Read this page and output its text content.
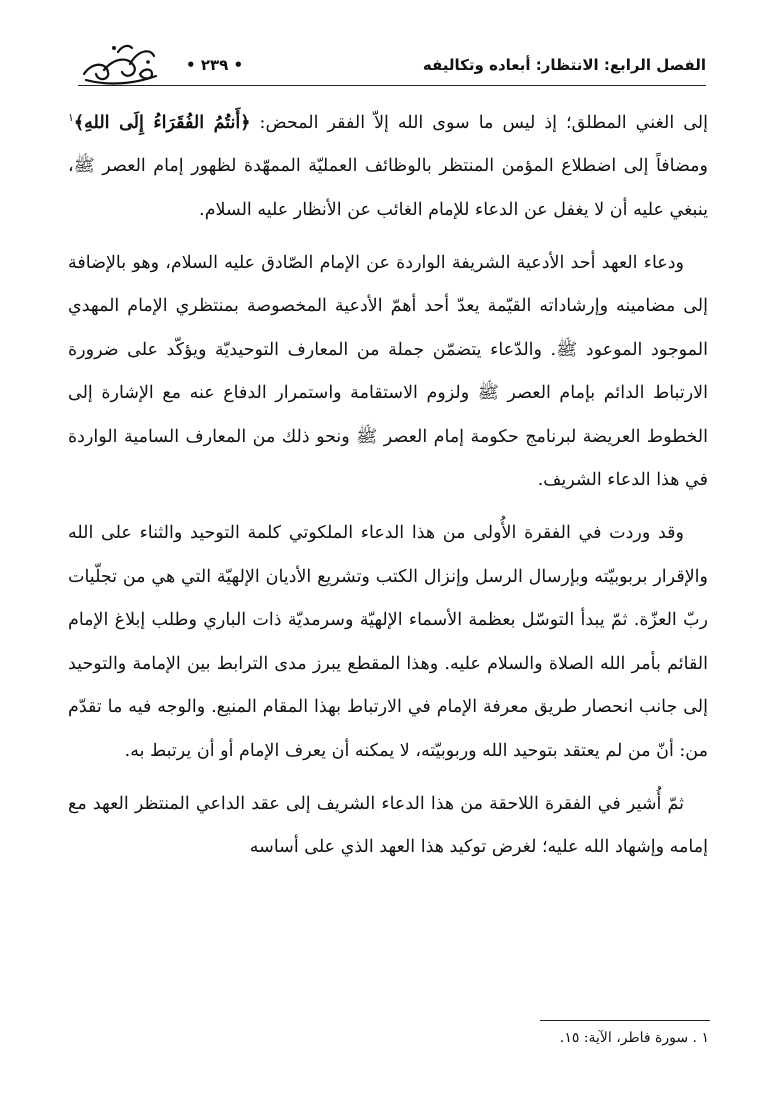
الفصل الرابع: الانتظار: أبعاده وتكاليفه
• ٢٣٩ •

إلى الغني المطلق؛ إذ ليس ما سوى الله إلاّ الفقر المحض: ﴿أَنتُمُ الفُقَرَاءُ إِلَى اللهِ﴾$^١$ ومضافاً إلى اضطلاع المؤمن المنتظر بالوظائف العمليّة الممهّدة لظهور إمام العصر ﷺ، ينبغي عليه أن لا يغفل عن الدعاء للإمام الغائب عن الأنظار عليه السلام.

ودعاء العهد أحد الأدعية الشريفة الواردة عن الإمام الصّادق عليه السلام، وهو بالإضافة إلى مضامينه وإرشاداته القيّمة يعدّ أحد أهمّ الأدعية المخصوصة بمنتظري الإمام المهدي الموجود الموعود ﷺ. والدّعاء يتضمّن جملة من المعارف التوحيديّة ويؤكّد على ضرورة الارتباط الدائم بإمام العصر ﷺ ولزوم الاستقامة واستمرار الدفاع عنه مع الإشارة إلى الخطوط العريضة لبرنامج حكومة إمام العصر ﷺ ونحو ذلك من المعارف السامية الواردة في هذا الدعاء الشريف.

وقد وردت في الفقرة الأُولى من هذا الدعاء الملكوتي كلمة التوحيد والثناء على الله والإقرار بربوبيّته وبإرسال الرسل وإنزال الكتب وتشريع الأديان الإلهيّة التي هي من تجلّيات ربّ العزّة. ثمّ يبدأ التوسّل بعظمة الأسماء الإلهيّة وسرمديّة ذات الباري وطلب إبلاغ الإمام القائم بأمر الله الصلاة والسلام عليه. وهذا المقطع يبرز مدى الترابط بين الإمامة والتوحيد إلى جانب انحصار طريق معرفة الإمام في الارتباط بهذا المقام المنيع. والوجه فيه ما تقدّم من: أنّ من لم يعتقد بتوحيد الله وربوبيّته، لا يمكنه أن يعرف الإمام أو أن يرتبط به.

ثمّ أُشير في الفقرة اللاحقة من هذا الدعاء الشريف إلى عقد الداعي المنتظر العهد مع إمامه وإشهاد الله عليه؛ لغرض توكيد هذا العهد الذي على أساسه

١ . سورة فاطر، الآية: ١٥.
